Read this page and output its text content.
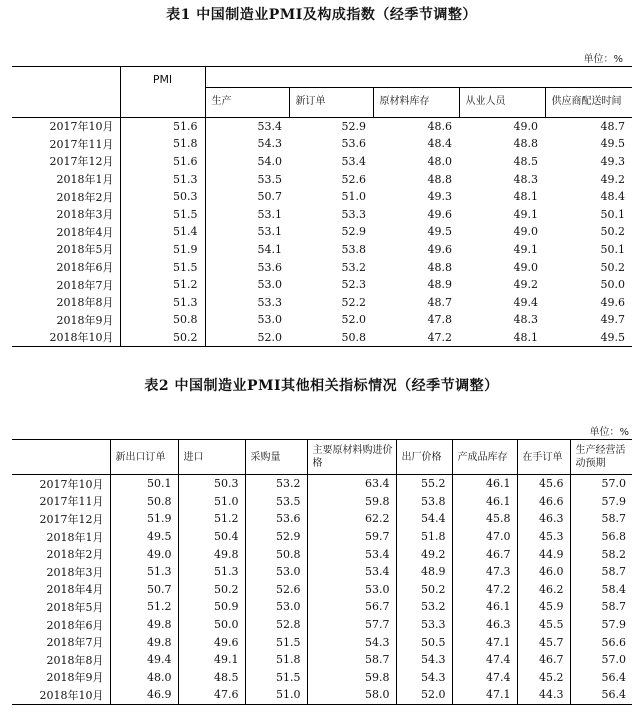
表1 中国制造业PMI及构成指数（经季节调整）
单位：%
	PMI					
		生产	新订单	原材料库存	从业人员	供应商配送时间
2017年10月	51.6	53.4	52.9	48.6	49.0	48.7
2017年11月	51.8	54.3	53.6	48.4	48.8	49.5
2017年12月	51.6	54.0	53.4	48.0	48.5	49.3
2018年1月	51.3	53.5	52.6	48.8	48.3	49.2
2018年2月	50.3	50.7	51.0	49.3	48.1	48.4
2018年3月	51.5	53.1	53.3	49.6	49.1	50.1
2018年4月	51.4	53.1	52.9	49.5	49.0	50.2
2018年5月	51.9	54.1	53.8	49.6	49.1	50.1
2018年6月	51.5	53.6	53.2	48.8	49.0	50.2
2018年7月	51.2	53.0	52.3	48.9	49.2	50.0
2018年8月	51.3	53.3	52.2	48.7	49.4	49.6
2018年9月	50.8	53.0	52.0	47.8	48.3	49.7
2018年10月	50.2	52.0	50.8	47.2	48.1	49.5
表2 中国制造业PMI其他相关指标情况（经季节调整）
单位：%
	新出口订单	进口	采购量	主要原材料购进价格	出厂价格	产成品库存	在手订单	生产经营活动预期
2017年10月	50.1	50.3	53.2	63.4	55.2	46.1	45.6	57.0
2017年11月	50.8	51.0	53.5	59.8	53.8	46.1	46.6	57.9
2017年12月	51.9	51.2	53.6	62.2	54.4	45.8	46.3	58.7
2018年1月	49.5	50.4	52.9	59.7	51.8	47.0	45.3	56.8
2018年2月	49.0	49.8	50.8	53.4	49.2	46.7	44.9	58.2
2018年3月	51.3	51.3	53.0	53.4	48.9	47.3	46.0	58.7
2018年4月	50.7	50.2	52.6	53.0	50.2	47.2	46.2	58.4
2018年5月	51.2	50.9	53.0	56.7	53.2	46.1	45.9	58.7
2018年6月	49.8	50.0	52.8	57.7	53.3	46.3	45.5	57.9
2018年7月	49.8	49.6	51.5	54.3	50.5	47.1	45.7	56.6
2018年8月	49.4	49.1	51.8	58.7	54.3	47.4	46.7	57.0
2018年9月	48.0	48.5	51.5	59.8	54.3	47.4	45.2	56.4
2018年10月	46.9	47.6	51.0	58.0	52.0	47.1	44.3	56.4
